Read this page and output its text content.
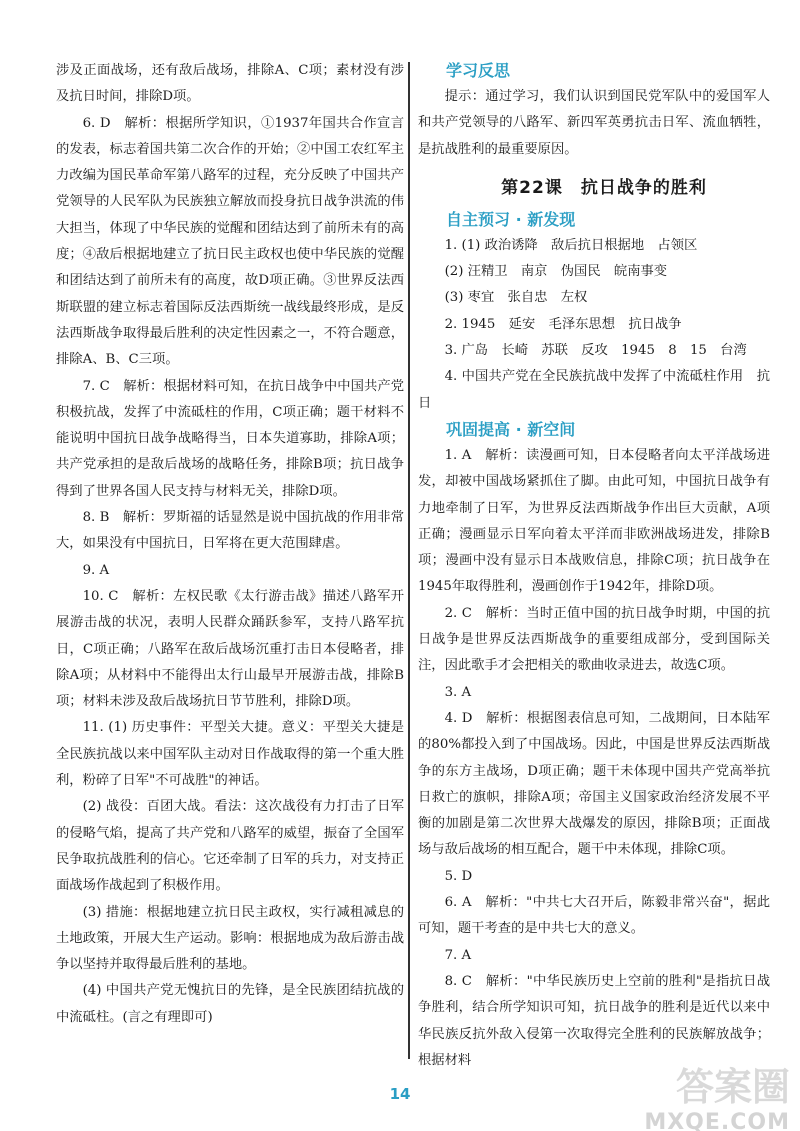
涉及正面战场，还有敌后战场，排除A、C项；素材没有涉及抗日时间，排除D项。
6. D　解析：根据所学知识，①1937年国共合作宣言的发表，标志着国共第二次合作的开始；②中国工农红军主力改编为国民革命军第八路军的过程，充分反映了中国共产党领导的人民军队为民族独立解放而投身抗日战争洪流的伟大担当，体现了中华民族的觉醒和团结达到了前所未有的高度；④敌后根据地建立了抗日民主政权也使中华民族的觉醒和团结达到了前所未有的高度，故D项正确。③世界反法西斯联盟的建立标志着国际反法西斯统一战线最终形成，是反法西斯战争取得最后胜利的决定性因素之一，不符合题意，排除A、B、C三项。
7. C　解析：根据材料可知，在抗日战争中中国共产党积极抗战，发挥了中流砥柱的作用，C项正确；题干材料不能说明中国抗日战争战略得当，日本失道寡助，排除A项；共产党承担的是敌后战场的战略任务，排除B项；抗日战争得到了世界各国人民支持与材料无关，排除D项。
8. B　解析：罗斯福的话显然是说中国抗战的作用非常大，如果没有中国抗日，日军将在更大范围肆虐。
9. A
10. C　解析：左权民歌《太行游击战》描述八路军开展游击战的状况，表明人民群众踊跃参军，支持八路军抗日，C项正确；八路军在敌后战场沉重打击日本侵略者，排除A项；从材料中不能得出太行山最早开展游击战，排除B项；材料未涉及敌后战场抗日节节胜利，排除D项。
11. (1) 历史事件：平型关大捷。意义：平型关大捷是全民族抗战以来中国军队主动对日作战取得的第一个重大胜利，粉碎了日军"不可战胜"的神话。
(2) 战役：百团大战。看法：这次战役有力打击了日军的侵略气焰，提高了共产党和八路军的威望，振奋了全国军民争取抗战胜利的信心。它还牵制了日军的兵力，对支持正面战场作战起到了积极作用。
(3) 措施：根据地建立抗日民主政权，实行减租减息的土地政策，开展大生产运动。影响：根据地成为敌后游击战争以坚持并取得最后胜利的基地。
(4) 中国共产党无愧抗日的先锋，是全民族团结抗战的中流砥柱。(言之有理即可)
学习反思
提示：通过学习，我们认识到国民党军队中的爱国军人和共产党领导的八路军、新四军英勇抗击日军、流血牺牲，是抗战胜利的最重要原因。
第22课　抗日战争的胜利
自主预习 · 新发现
1. (1) 政治诱降　敌后抗日根据地　占领区
(2) 汪精卫　南京　伪国民　皖南事变
(3) 枣宜　张自忠　左权
2. 1945　延安　毛泽东思想　抗日战争
3. 广岛　长崎　苏联　反攻　1945　8　15　台湾
4. 中国共产党在全民族抗战中发挥了中流砥柱作用　抗日
巩固提高 · 新空间
1. A　解析：读漫画可知，日本侵略者向太平洋战场进发，却被中国战场紧抓住了脚。由此可知，中国抗日战争有力地牵制了日军，为世界反法西斯战争作出巨大贡献，A项正确；漫画显示日军向着太平洋而非欧洲战场进发，排除B项；漫画中没有显示日本战败信息，排除C项；抗日战争在1945年取得胜利，漫画创作于1942年，排除D项。
2. C　解析：当时正值中国的抗日战争时期，中国的抗日战争是世界反法西斯战争的重要组成部分，受到国际关注，因此歌手才会把相关的歌曲收录进去，故选C项。
3. A
4. D　解析：根据图表信息可知，二战期间，日本陆军的80%都投入到了中国战场。因此，中国是世界反法西斯战争的东方主战场，D项正确；题干未体现中国共产党高举抗日救亡的旗帜，排除A项；帝国主义国家政治经济发展不平衡的加剧是第二次世界大战爆发的原因，排除B项；正面战场与敌后战场的相互配合，题干中未体现，排除C项。
5. D
6. A　解析："中共七大召开后，陈毅非常兴奋"，据此可知，题干考查的是中共七大的意义。
7. A
8. C　解析："中华民族历史上空前的胜利"是指抗日战争胜利，结合所学知识可知，抗日战争的胜利是近代以来中华民族反抗外敌入侵第一次取得完全胜利的民族解放战争；根据材料
答案圈
14
MXQE.COM
